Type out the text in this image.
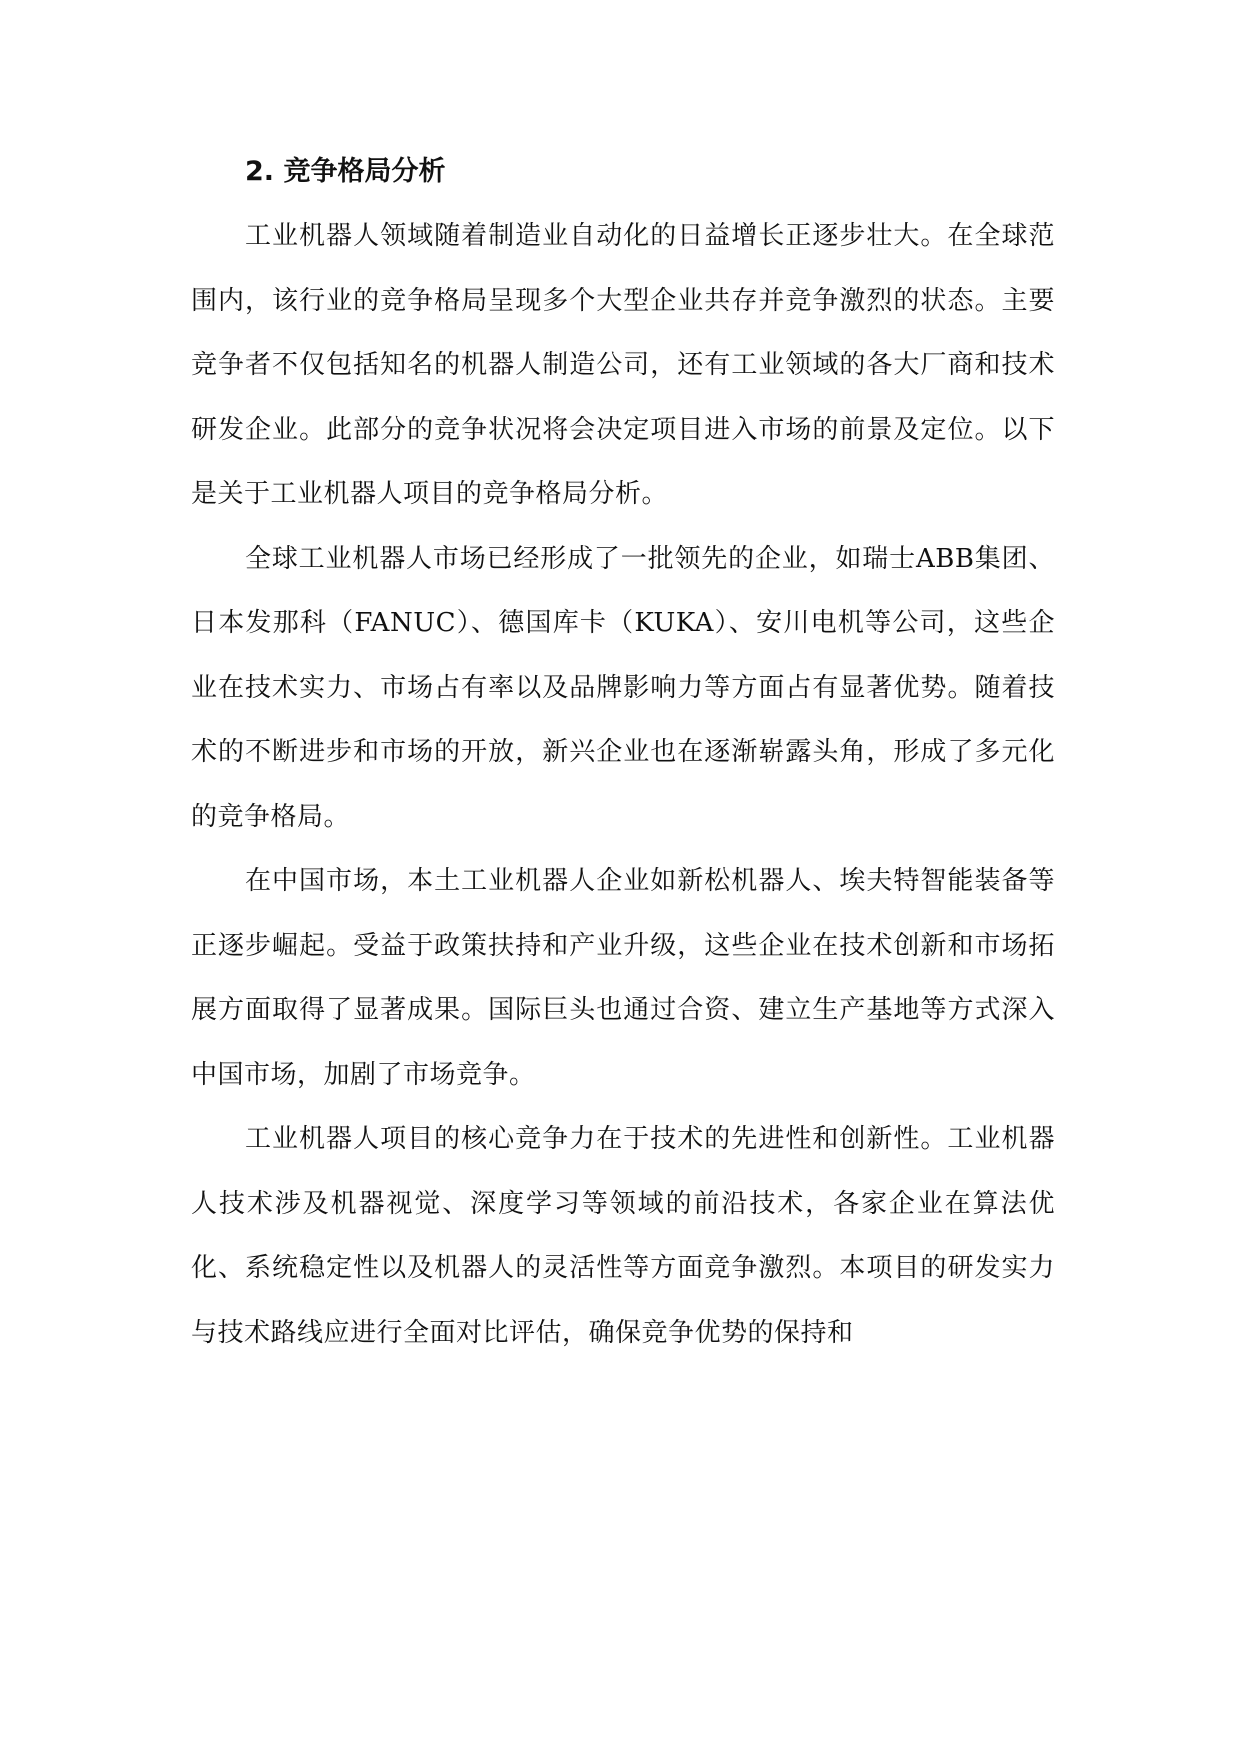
2. 竞争格局分析

工业机器人领域随着制造业自动化的日益增长正逐步壮大。在全球范围内，该行业的竞争格局呈现多个大型企业共存并竞争激烈的状态。主要竞争者不仅包括知名的机器人制造公司，还有工业领域的各大厂商和技术研发企业。此部分的竞争状况将会决定项目进入市场的前景及定位。以下是关于工业机器人项目的竞争格局分析。

全球工业机器人市场已经形成了一批领先的企业，如瑞士ABB集团、日本发那科（FANUC）、德国库卡（KUKA）、安川电机等公司，这些企业在技术实力、市场占有率以及品牌影响力等方面占有显著优势。随着技术的不断进步和市场的开放，新兴企业也在逐渐崭露头角，形成了多元化的竞争格局。

在中国市场，本土工业机器人企业如新松机器人、埃夫特智能装备等正逐步崛起。受益于政策扶持和产业升级，这些企业在技术创新和市场拓展方面取得了显著成果。国际巨头也通过合资、建立生产基地等方式深入中国市场，加剧了市场竞争。

工业机器人项目的核心竞争力在于技术的先进性和创新性。工业机器人技术涉及机器视觉、深度学习等领域的前沿技术，各家企业在算法优化、系统稳定性以及机器人的灵活性等方面竞争激烈。本项目的研发实力与技术路线应进行全面对比评估，确保竞争优势的保持和
